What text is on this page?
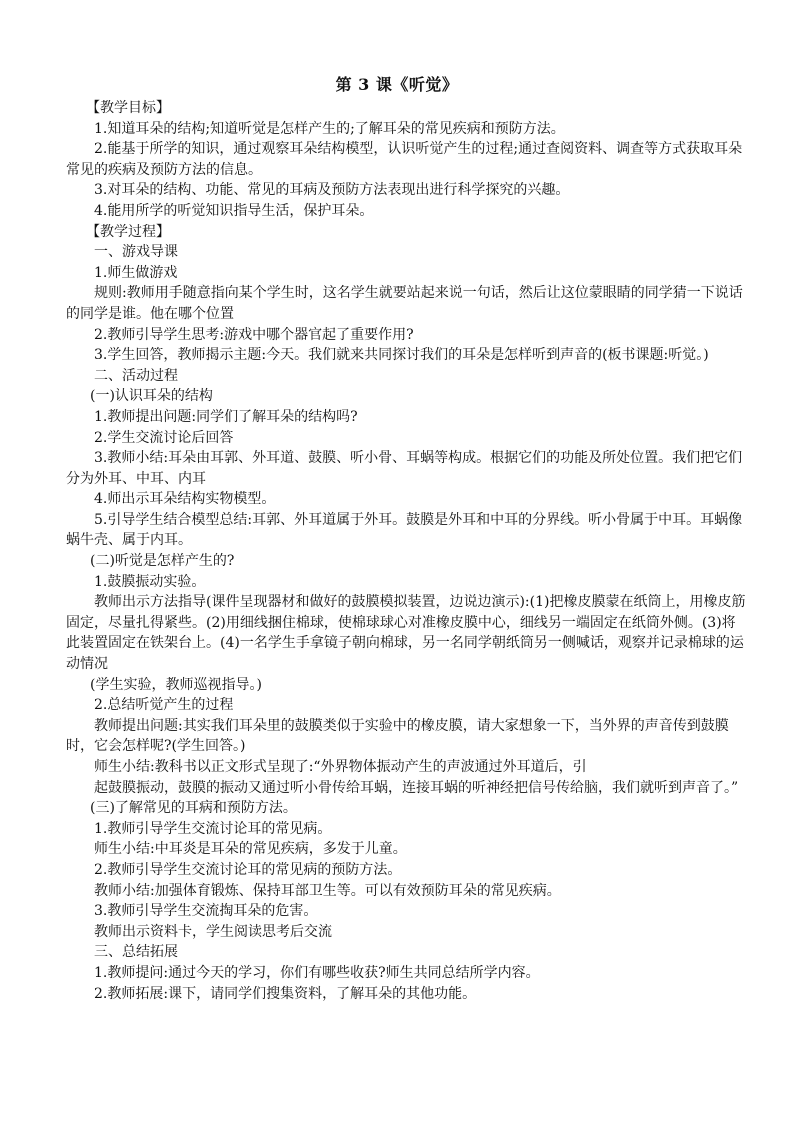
第 3 课《听觉》

【教学目标】

1.知道耳朵的结构;知道听觉是怎样产生的;了解耳朵的常见疾病和预防方法。

2.能基于所学的知识，通过观察耳朵结构模型，认识听觉产生的过程;通过查阅资料、调查等方式获取耳朵常见的疾病及预防方法的信息。

3.对耳朵的结构、功能、常见的耳病及预防方法表现出进行科学探究的兴趣。

4.能用所学的听觉知识指导生活，保护耳朵。

【教学过程】

一、游戏导课

1.师生做游戏

规则:教师用手随意指向某个学生时，这名学生就要站起来说一句话，然后让这位蒙眼睛的同学猜一下说话的同学是谁。他在哪个位置

2.教师引导学生思考:游戏中哪个器官起了重要作用?

3.学生回答，教师揭示主题:今天。我们就来共同探讨我们的耳朵是怎样听到声音的(板书课题:听觉。)

二、活动过程

(一)认识耳朵的结构

1.教师提出问题:同学们了解耳朵的结构吗?

2.学生交流讨论后回答

3.教师小结:耳朵由耳郭、外耳道、鼓膜、听小骨、耳蜗等构成。根据它们的功能及所处位置。我们把它们分为外耳、中耳、内耳

4.师出示耳朵结构实物模型。

5.引导学生结合模型总结:耳郭、外耳道属于外耳。鼓膜是外耳和中耳的分界线。听小骨属于中耳。耳蜗像蜗牛壳、属于内耳。

(二)听觉是怎样产生的?

1.鼓膜振动实验。

教师出示方法指导(课件呈现器材和做好的鼓膜模拟装置，边说边演示):(1)把橡皮膜蒙在纸筒上，用橡皮筋固定，尽量扎得紧些。(2)用细线捆住棉球，使棉球球心对准橡皮膜中心，细线另一端固定在纸筒外侧。(3)将此装置固定在铁架台上。(4)一名学生手拿镜子朝向棉球，另一名同学朝纸筒另一侧喊话，观察并记录棉球的运动情况

(学生实验，教师巡视指导。)

2.总结听觉产生的过程

教师提出问题:其实我们耳朵里的鼓膜类似于实验中的橡皮膜，请大家想象一下，当外界的声音传到鼓膜时，它会怎样呢?(学生回答。)

师生小结:教科书以正文形式呈现了:“外界物体振动产生的声波通过外耳道后，引

起鼓膜振动，鼓膜的振动又通过听小骨传给耳蜗，连接耳蜗的听神经把信号传给脑，我们就听到声音了。”

(三)了解常见的耳病和预防方法。

1.教师引导学生交流讨论耳的常见病。

师生小结:中耳炎是耳朵的常见疾病，多发于儿童。

2.教师引导学生交流讨论耳的常见病的预防方法。

教师小结:加强体育锻炼、保持耳部卫生等。可以有效预防耳朵的常见疾病。

3.教师引导学生交流掏耳朵的危害。

教师出示资料卡，学生阅读思考后交流

三、总结拓展

1.教师提问:通过今天的学习，你们有哪些收获?师生共同总结所学内容。

2.教师拓展:课下，请同学们搜集资料，了解耳朵的其他功能。
